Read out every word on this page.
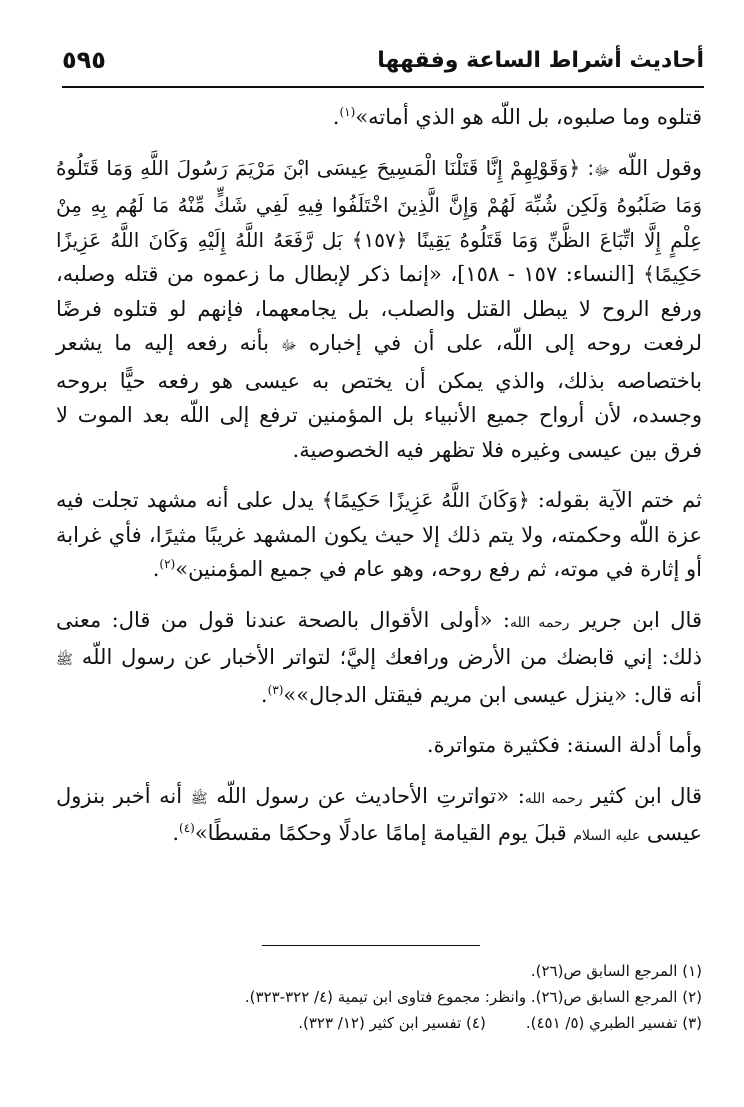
أحاديث أشراط الساعة وفقهها
٥٩٥

قتلوه وما صلبوه، بل اللّه هو الذي أماته»$^{(١)}$.

وقول اللّه ﷻ: ﴿وَقَوْلِهِمْ إِنَّا قَتَلْنَا الْمَسِيحَ عِيسَى ابْنَ مَرْيَمَ رَسُولَ اللَّهِ وَمَا قَتَلُوهُ وَمَا صَلَبُوهُ وَلَكِن شُبِّهَ لَهُمْ وَإِنَّ الَّذِينَ اخْتَلَفُوا فِيهِ لَفِي شَكٍّ مِّنْهُ مَا لَهُم بِهِ مِنْ عِلْمٍ إِلَّا اتِّبَاعَ الظَّنِّ وَمَا قَتَلُوهُ يَقِينًا ﴿١٥٧﴾ بَل رَّفَعَهُ اللَّهُ إِلَيْهِ وَكَانَ اللَّهُ عَزِيزًا حَكِيمًا﴾ [النساء: ١٥٧ - ١٥٨]، «إنما ذكر لإبطال ما زعموه من قتله وصلبه، ورفع الروح لا يبطل القتل والصلب، بل يجامعهما، فإنهم لو قتلوه فرضًا لرفعت روحه إلى اللّه، على أن في إخباره ﷻ بأنه رفعه إليه ما يشعر باختصاصه بذلك، والذي يمكن أن يختص به عيسى هو رفعه حيًّا بروحه وجسده، لأن أرواح جميع الأنبياء بل المؤمنين ترفع إلى اللّه بعد الموت لا فرق بين عيسى وغيره فلا تظهر فيه الخصوصية.

ثم ختم الآية بقوله: ﴿وَكَانَ اللَّهُ عَزِيزًا حَكِيمًا﴾ يدل على أنه مشهد تجلت فيه عزة اللّه وحكمته، ولا يتم ذلك إلا حيث يكون المشهد غريبًا مثيرًا، فأي غرابة أو إثارة في موته، ثم رفع روحه، وهو عام في جميع المؤمنين»$^{(٢)}$.

قال ابن جرير رحمه الله: «أولى الأقوال بالصحة عندنا قول من قال: معنى ذلك: إني قابضك من الأرض ورافعك إليَّ؛ لتواتر الأخبار عن رسول اللّه ﷺ أنه قال: «ينزل عيسى ابن مريم فيقتل الدجال»»$^{(٣)}$.

وأما أدلة السنة: فكثيرة متواترة.

قال ابن كثير رحمه الله: «تواترتِ الأحاديث عن رسول اللّه ﷺ أنه أخبر بنزول عيسى عليه السلام قبلَ يوم القيامة إمامًا عادلًا وحكمًا مقسطًا»$^{(٤)}$.

(١) المرجع السابق ص(٢٦).
(٢) المرجع السابق ص(٢٦). وانظر: مجموع فتاوى ابن تيمية (٤/ ٣٢٢-٣٢٣).
(٣) تفسير الطبري (٥/ ٤٥١).
(٤) تفسير ابن كثير (١٢/ ٣٢٣).
